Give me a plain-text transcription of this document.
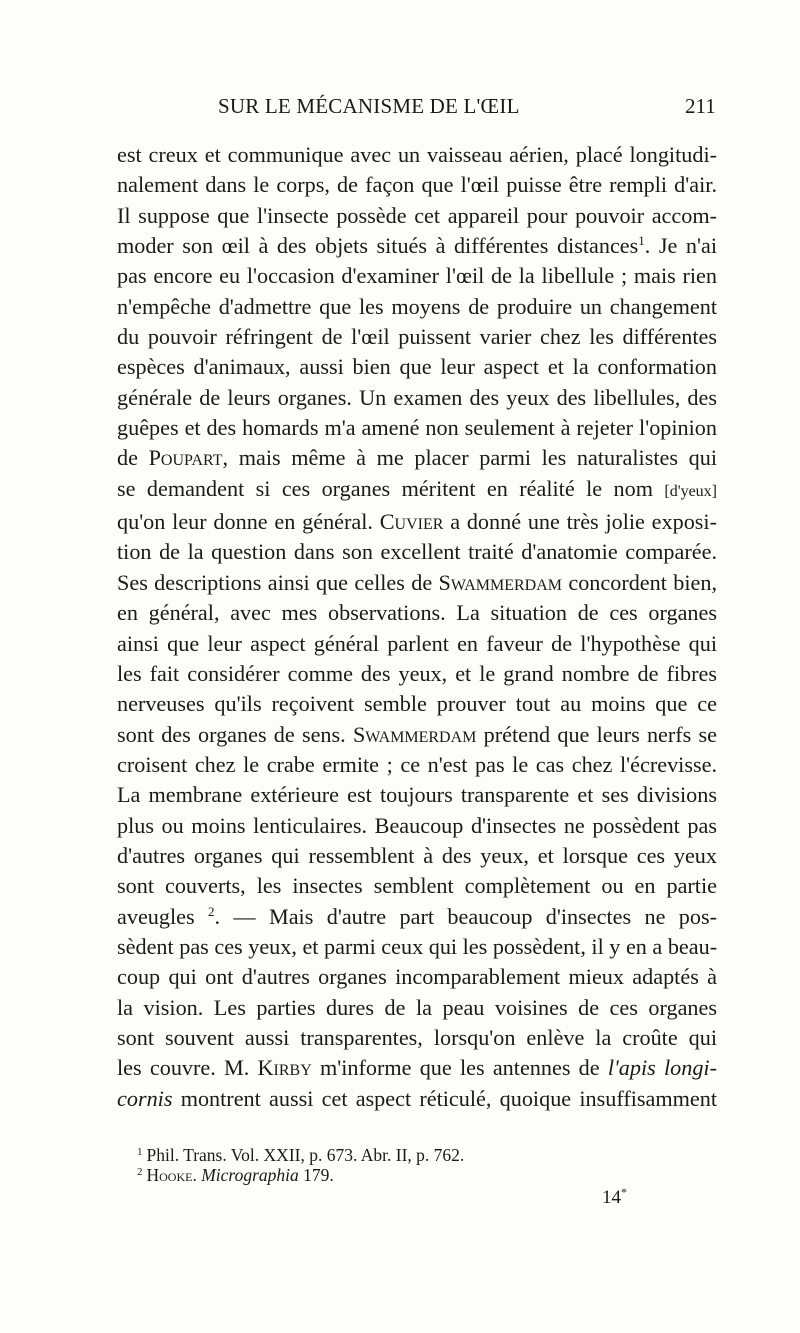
SUR LE MÉCANISME DE L'ŒIL	211
est creux et communique avec un vaisseau aérien, placé longitudi-
nalement dans le corps, de façon que l'œil puisse être rempli d'air.
Il suppose que l'insecte possède cet appareil pour pouvoir accom-
moder son œil à des objets situés à différentes distances$^1$. Je n'ai
pas encore eu l'occasion d'examiner l'œil de la libellule ; mais rien
n'empêche d'admettre que les moyens de produire un changement
du pouvoir réfringent de l'œil puissent varier chez les différentes
espèces d'animaux, aussi bien que leur aspect et la conformation
générale de leurs organes. Un examen des yeux des libellules, des
guêpes et des homards m'a amené non seulement à rejeter l'opinion
de Poupart, mais même à me placer parmi les naturalistes qui
se demandent si ces organes méritent en réalité le nom [d'yeux]
qu'on leur donne en général. Cuvier a donné une très jolie exposi-
tion de la question dans son excellent traité d'anatomie comparée.
Ses descriptions ainsi que celles de Swammerdam concordent bien,
en général, avec mes observations. La situation de ces organes
ainsi que leur aspect général parlent en faveur de l'hypothèse qui
les fait considérer comme des yeux, et le grand nombre de fibres
nerveuses qu'ils reçoivent semble prouver tout au moins que ce
sont des organes de sens. Swammerdam prétend que leurs nerfs se
croisent chez le crabe ermite ; ce n'est pas le cas chez l'écrevisse.
La membrane extérieure est toujours transparente et ses divisions
plus ou moins lenticulaires. Beaucoup d'insectes ne possèdent pas
d'autres organes qui ressemblent à des yeux, et lorsque ces yeux
sont couverts, les insectes semblent complètement ou en partie
aveugles $^2$. — Mais d'autre part beaucoup d'insectes ne pos-
sèdent pas ces yeux, et parmi ceux qui les possèdent, il y en a beau-
coup qui ont d'autres organes incomparablement mieux adaptés à
la vision. Les parties dures de la peau voisines de ces organes
sont souvent aussi transparentes, lorsqu'on enlève la croûte qui
les couvre. M. Kirby m'informe que les antennes de l'apis longi-
cornis montrent aussi cet aspect réticulé, quoique insuffisamment
$^1$ Phil. Trans. Vol. XXII, p. 673. Abr. II, p. 762.
$^2$ Hooke. Micrographia 179.
14*
